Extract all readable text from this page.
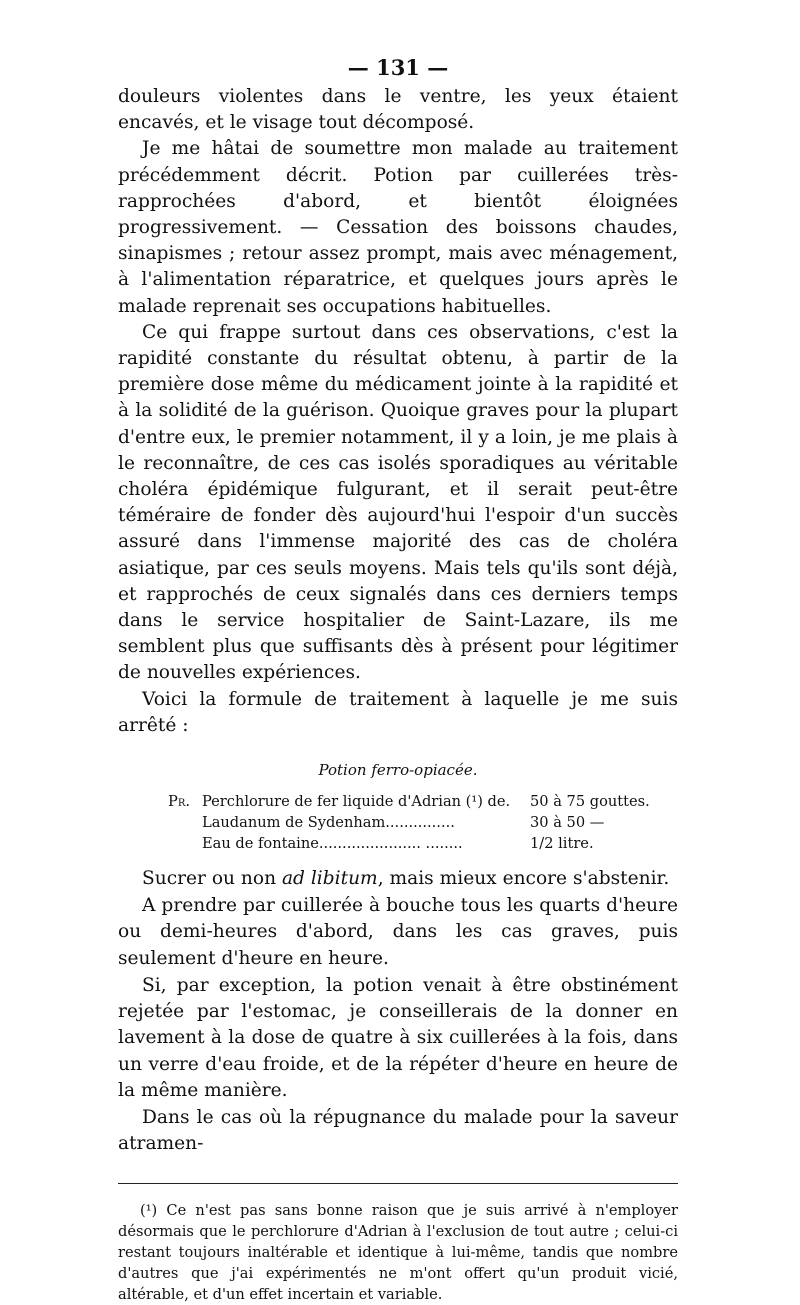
— 131 —

douleurs violentes dans le ventre, les yeux étaient encavés, et le visage tout décomposé.

Je me hâtai de soumettre mon malade au traitement précédemment décrit. Potion par cuillerées très-rapprochées d'abord, et bientôt éloignées progressivement. — Cessation des boissons chaudes, sinapismes ; retour assez prompt, mais avec ménagement, à l'alimentation réparatrice, et quelques jours après le malade reprenait ses occupations habituelles.

Ce qui frappe surtout dans ces observations, c'est la rapidité constante du résultat obtenu, à partir de la première dose même du médicament jointe à la rapidité et à la solidité de la guérison. Quoique graves pour la plupart d'entre eux, le premier notamment, il y a loin, je me plais à le reconnaître, de ces cas isolés sporadiques au véritable choléra épidémique fulgurant, et il serait peut-être téméraire de fonder dès aujourd'hui l'espoir d'un succès assuré dans l'immense majorité des cas de choléra asiatique, par ces seuls moyens. Mais tels qu'ils sont déjà, et rapprochés de ceux signalés dans ces derniers temps dans le service hospitalier de Saint-Lazare, ils me semblent plus que suffisants dès à présent pour légitimer de nouvelles expériences.

Voici la formule de traitement à laquelle je me suis arrêté :

Potion ferro-opiacée.
Pr. Perchlorure de fer liquide d'Adrian (¹) de.	50 à 75 gouttes.
Laudanum de Sydenham...............	30 à 50 —
Eau de fontaine...................... ........	1/2 litre.

Sucrer ou non ad libitum, mais mieux encore s'abstenir.

A prendre par cuillerée à bouche tous les quarts d'heure ou demi-heures d'abord, dans les cas graves, puis seulement d'heure en heure.

Si, par exception, la potion venait à être obstinément rejetée par l'estomac, je conseillerais de la donner en lavement à la dose de quatre à six cuillerées à la fois, dans un verre d'eau froide, et de la répéter d'heure en heure de la même manière.

Dans le cas où la répugnance du malade pour la saveur atramen-

(¹) Ce n'est pas sans bonne raison que je suis arrivé à n'employer désormais que le perchlorure d'Adrian à l'exclusion de tout autre ; celui-ci restant toujours inaltérable et identique à lui-même, tandis que nombre d'autres que j'ai expérimentés ne m'ont offert qu'un produit vicié, altérable, et d'un effet incertain et variable.
